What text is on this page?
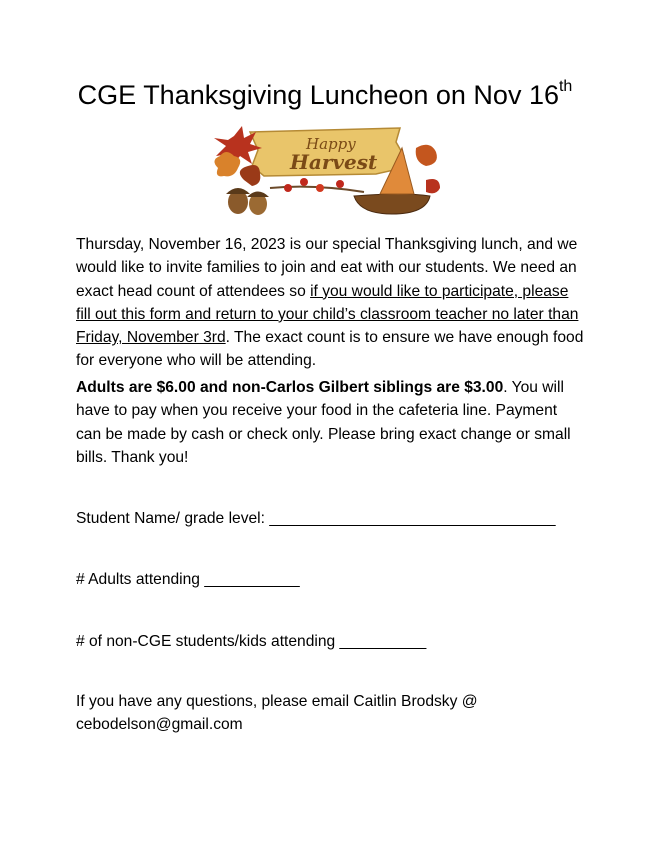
CGE Thanksgiving Luncheon on Nov 16th
Happy
Harvest

Thursday, November 16, 2023 is our special Thanksgiving lunch, and we would like to invite families to join and eat with our students. We need an exact head count of attendees so if you would like to participate, please fill out this form and return to your child’s classroom teacher no later than Friday, November 3rd. The exact count is to ensure we have enough food for everyone who will be attending.

Adults are $6.00 and non-Carlos Gilbert siblings are $3.00. You will have to pay when you receive your food in the cafeteria line. Payment can be made by cash or check only. Please bring exact change or small bills. Thank you!

Student Name/ grade level: _________________________________

# Adults attending ___________

# of non-CGE students/kids attending __________

If you have any questions, please email Caitlin Brodsky @ cebodelson@gmail.com
